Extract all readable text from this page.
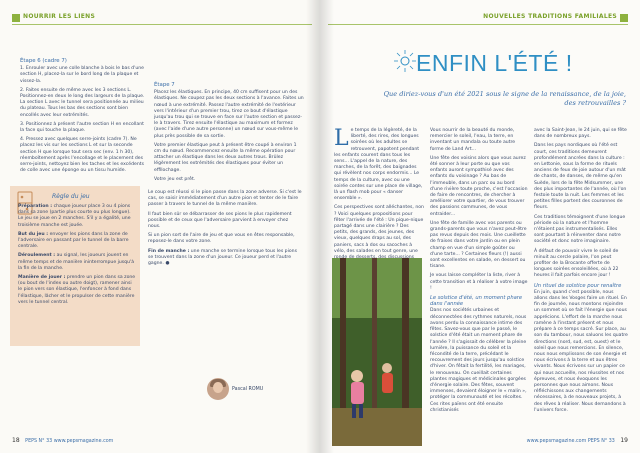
NOURRIR LES LIENS
Étape 6 (cadre 7)

1. Enrouler avec une colle blanche à bois le bas d'une section H, placez-la sur le bord long de la plaque et vissez-la.

2. Faites ensuite de même avec les 3 sections L. Positionnez-en deux le long des largeurs de la plaque. La section L avec le tunnel sera positionnée au milieu du plateau. Tous les bas des sections sont bien encollés avec leur extrémités.

3. Positionnez à présent l'autre section H en encollant la face qui touche la plaque.

4. Pressez avec quelques serre-joints (cadre 7). Ne placez les vis sur les sections L et sur la seconde section H que lorsque tout sera sec (env. 1 h 30), réemboîtement après l'encollage et le placement des serre-joints, nettoyez bien les taches et les excédents de colle avec une éponge ou un tissu humide.

Étape 7

Placez les élastiques. En principe, 40 cm suffisent pour un des élastiques. Ne coupez pas les deux sections à l'avance. Faites un nœud à une extrémité. Passez l'autre extrémité de l'extérieur vers l'intérieur d'un premier trou, tirez ce bout d'élastique jusqu'au trou qui se trouve en face sur l'autre section et passez-le à travers. Tirez ensuite l'élastique au maximum et formez (avec l'aide d'une autre personne) un nœud sur vous-même le plus près possible de sa sortie.

Votre premier élastique peut à présent être coupé à environ 1 cm du nœud. Recommencez ensuite la même opération pour attacher un élastique dans les deux autres trous. Brûlez légèrement les extrémités des élastiques pour éviter un effilochage.

Votre jeu est prêt.

Règle du jeu

Préparation : chaque joueur place 3 ou 4 pions dans sa zone (partie plus courte ou plus longue). Le jeu se joue en 2 manches. S'il y a égalité, une troisième manche est jouée.

But du jeu : envoyer les pions dans la zone de l'adversaire en passant par le tunnel de la barre centrale.

Déroulement : au signal, les joueurs jouent en même temps et de manière ininterrompue jusqu'à la fin de la manche.

Manière de jouer : prendre un pion dans sa zone (ou bout de l'index ou autre doigt), ramener ainsi le pion vers son élastique, l'enfoncer à fond dans l'élastique, lâcher et le propulser de cette manière vers le tunnel central.

Le coup est réussi si le pion passe dans la zone adverse. Si c'est le cas, se saisir immédiatement d'un autre pion et tenter de le faire passer à travers le tunnel de la même manière.

Il faut bien sûr se débarrasser de ses pions le plus rapidement possible et de ceux que l'adversaire parvient à envoyer chez nous.

Si un pion sort de l'aire de jeu et que vous en êtes responsable, reposez-le dans votre zone.

Fin de manche : une manche se termine lorsque tous les pions se trouvent dans la zone d'un joueur. Ce joueur perd et l'autre gagne. ●

Pascal ROMU
18 PEPS N° 33 www.pepsmagazine.com
NOUVELLES TRADITIONS FAMILIALES
ENFIN L'ÉTÉ !
Que diriez-vous d'un été 2021 sous le signe de la renaissance, de la joie, des retrouvailles ?

Le temps de la légèreté, de la liberté, des rires, des longues soirées où les adultes se retrouvent, papotent pendant les enfants courent dans tous les sens... L'appel de la nature, des marches, de la forêt, des baignades qui révèlent nos corps endormis... Le temps de la culture, avec ou une soirée contes sur une place de village, là un flash mob pour « danser ensemble ».

Ces perspectives sont alléchantes, non ? Voici quelques propositions pour fêter l'arrivée de l'été : Un pique-nique partagé dans une clairière ? Des petits, des grands, des jeunes, des vieux, quelques draps au sol, des paniers, sacs à dos ou sacoches à vélo, des salades en tout genre, une

Vous nourrir de la beauté du monde, remercier le soleil, l'eau, la terre, en inventant un mandala ou toute autre forme de Land Art...

Une fête des voisins alors que vous aurez été sonner à leur porte ou que vos enfants auront sympathisé avec des enfants du voisinage ? Au bas de l'immeuble, dans un parc ou au bord d'une rivière toute proche, c'est l'occasion de faire de rencontres, de chercher à améliorer votre quartier, de vous trouver des passions communes, de vous entraider...

Une fête de famille avec vos parents ou grands-parents que vous n'avez peut-être pas revus depuis des mois. Une cueillette de fraises dans votre jardin ou en plein champ en vue d'un simple goûter ou d'une tarte... ? Certaines fleurs (!) aussi sont excellentes en salade, en dessert ou tisane.

Je vous laisse compléter la liste, river à cette transition et à réaliser à votre image !

Le solstice d'été, un moment phare dans l'année

Dans nos sociétés urbaines et déconnectées des rythmes naturels, nous avons perdu la connaissance intime des fêtes. Savez-vous que par le passé, le solstice d'été était un moment phare de l'année ? Il s'agissait de célébrer la pleine lumière, la puissance du soleil et la fécondité de la terre, précédant le recouvrement des jours jusqu'au solstice d'hiver. On fêtait la fertilité, les mariages, le renouveau. On cueillait certaines plantes magiques et médicinales gorgées d'énergie solaire. Des fêtes, souvent immenses, devaient éloigner le « malin », protéger la communauté et les récoltes. Ces rites païens ont été ensuite christianisés

avec la Saint-Jean, le 24 juin, qui se fête dans de nombreux pays.

Dans les pays nordiques où l'été est court, ces traditions demeurent profondément ancrées dans la culture : en Lettonie, sous la forme de rituels anciens de feux de joie autour d'un mât de chants, de danses, de même qu'en Suède, lors de la fête Midsummer, une des plus importantes de l'année, où l'on festoie toute la nuit. Les femmes et les petites filles portent des couronnes de fleurs.

Ces traditions témoignent d'une longue période où la nature et l'homme n'étaient pas instrumentalisés. Elles sont pourtant à réinventer dans notre société et donc notre imaginaire.

À défaut de pouvoir vivre le soleil de minuit au cercle polaire, l'on peut profiter de la Brocante offerte de longues soirées ensoleillées, où à 22 heures il fait parfois encore jour !

Un rituel de solstice pour renaître

En juin, quand c'est possible, nous allons dans les Vosges faire un rituel. En fin de journée, nous montons rejoindre un sommet où se fait l'énergie que nous apprécions. L'effort de la marche nous ramène à l'instant présent et nous prépare à ce temps sacré. Sur place, au son du tambour, nous saluons les quatre directions (nord, sud, est, ouest) et le soleil que nous remercions. En silence, nous nous emplissons de son énergie et nous écrivons à la terre et aux êtres vivants. Nous écrivons sur un papier ce qui nous accueille, nos réussites et nos épreuves, et nous évoquons les personnes que nous aimons. Nous réfléchissons aux changements nécessaires, à de nouveaux projets, à des rêves à réaliser. Nous demandons à l'univers force.

www.pepsmagazine.com PEPS N° 33 19
